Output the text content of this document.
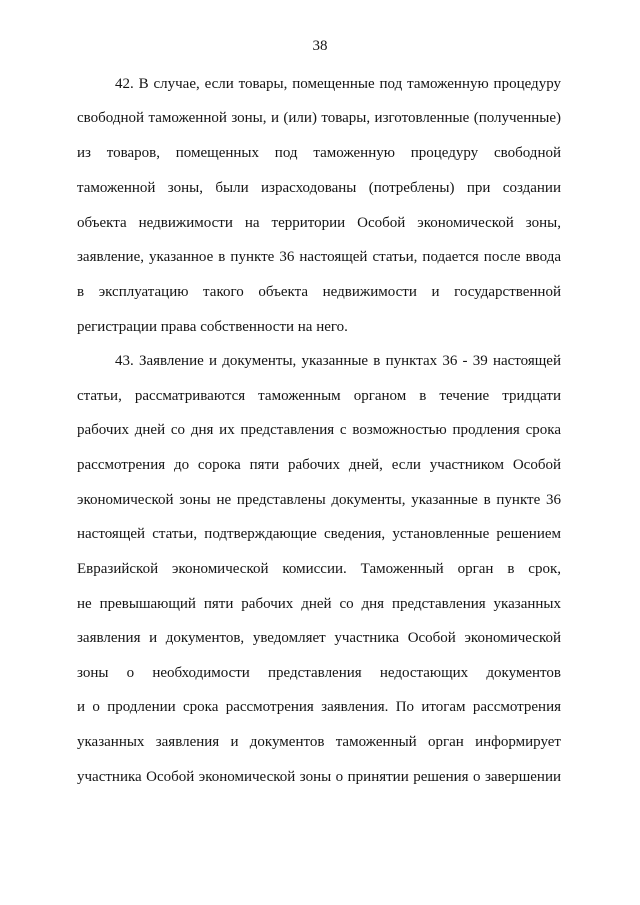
38
42. В случае, если товары, помещенные под таможенную процедуру
свободной таможенной зоны, и (или) товары, изготовленные (полученные)
из товаров, помещенных под таможенную процедуру свободной
таможенной зоны, были израсходованы (потреблены) при создании
объекта недвижимости на территории Особой экономической зоны,
заявление, указанное в пункте 36 настоящей статьи, подается после ввода
в эксплуатацию такого объекта недвижимости и государственной
регистрации права собственности на него.
43. Заявление и документы, указанные в пунктах 36 - 39 настоящей
статьи, рассматриваются таможенным органом в течение тридцати
рабочих дней со дня их представления с возможностью продления срока
рассмотрения до сорока пяти рабочих дней, если участником Особой
экономической зоны не представлены документы, указанные в пункте 36
настоящей статьи, подтверждающие сведения, установленные решением
Евразийской экономической комиссии. Таможенный орган в срок,
не превышающий пяти рабочих дней со дня представления указанных
заявления и документов, уведомляет участника Особой экономической
зоны о необходимости представления недостающих документов
и о продлении срока рассмотрения заявления. По итогам рассмотрения
указанных заявления и документов таможенный орган информирует
участника Особой экономической зоны о принятии решения о завершении
